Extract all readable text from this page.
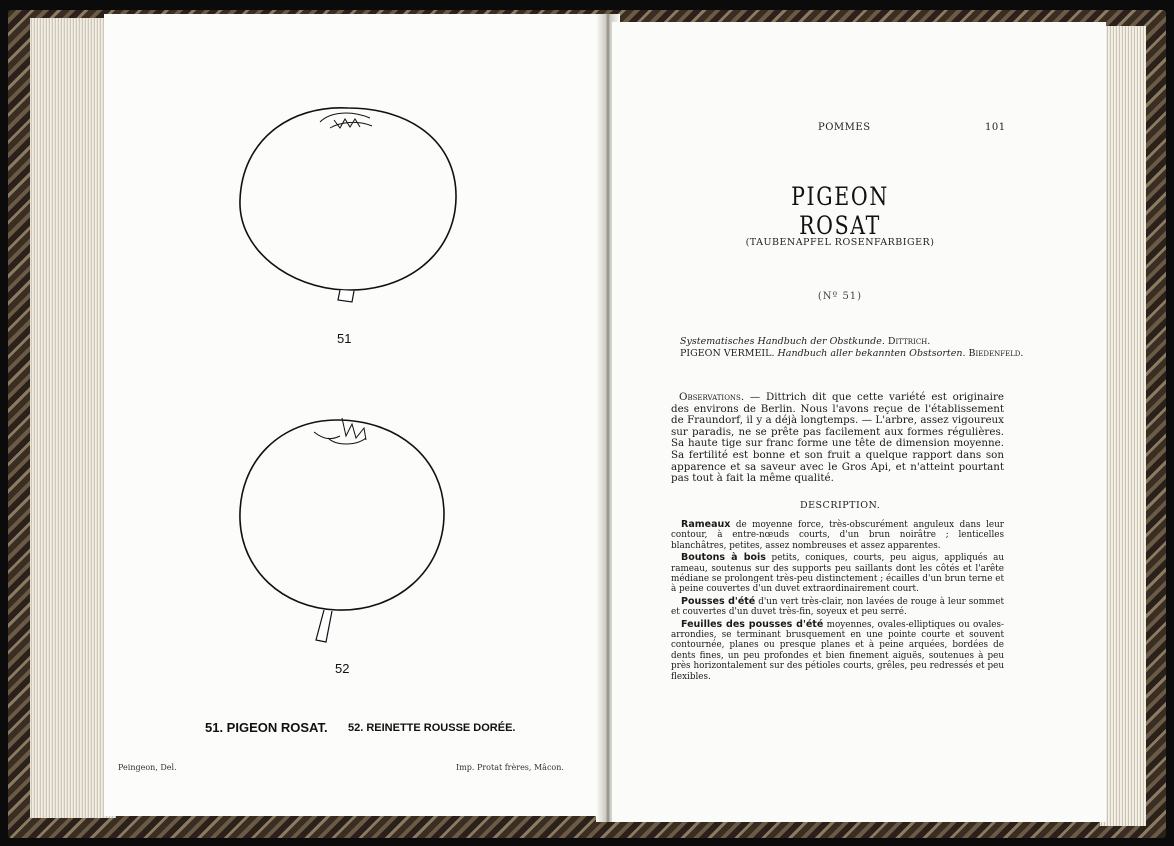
51
52
51. PIGEON ROSAT. 52. REINETTE ROUSSE DORÉE.
Peingeon, Del.	Imp. Protat frères, Mâcon.
POMMES	101
PIGEON ROSAT
(TAUBENAPFEL ROSENFARBIGER)
(Nº 51)
Systematisches Handbuch der Obstkunde. Dittrich.
PIGEON VERMEIL. Handbuch aller bekannten Obstsorten. Biedenfeld.
Observations. — Dittrich dit que cette variété est originaire des environs de Berlin. Nous l'avons reçue de l'établissement de Fraundorf, il y a déjà longtemps. — L'arbre, assez vigoureux sur paradis, ne se prête pas facilement aux formes régulières. Sa haute tige sur franc forme une tête de dimension moyenne. Sa fertilité est bonne et son fruit a quelque rapport dans son apparence et sa saveur avec le Gros Api, et n'atteint pourtant pas tout à fait la même qualité.
DESCRIPTION.

Rameaux de moyenne force, très-obscurément anguleux dans leur contour, à entre-nœuds courts, d'un brun noirâtre ; lenticelles blanchâtres, petites, assez nombreuses et assez apparentes.

Boutons à bois petits, coniques, courts, peu aigus, appliqués au rameau, soutenus sur des supports peu saillants dont les côtés et l'arête médiane se prolongent très-peu distinctement ; écailles d'un brun terne et à peine couvertes d'un duvet extraordinairement court.

Pousses d'été d'un vert très-clair, non lavées de rouge à leur sommet et couvertes d'un duvet très-fin, soyeux et peu serré.

Feuilles des pousses d'été moyennes, ovales-elliptiques ou ovales-arrondies, se terminant brusquement en une pointe courte et souvent contournée, planes ou presque planes et à peine arquées, bordées de dents fines, un peu profondes et bien finement aiguës, soutenues à peu près horizontalement sur des pétioles courts, grêles, peu redressés et peu flexibles.
